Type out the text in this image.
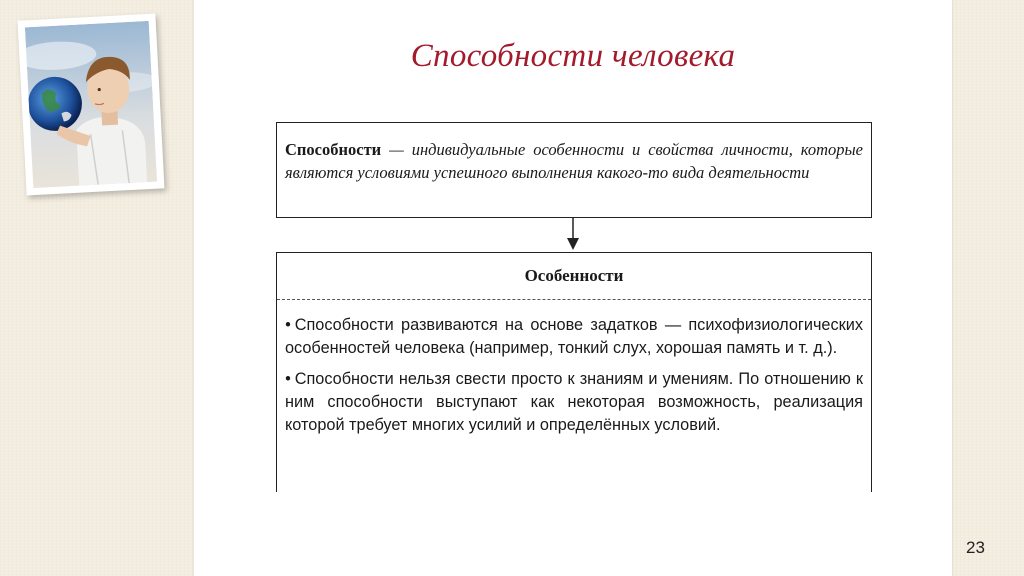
Способности человека
Способности — индивидуальные особенности и свойства личности, которые являются условиями успешного выполнения какого-то вида деятельности
Особенности
• Способности развиваются на основе задатков — психофизиологических особенностей человека (например, тонкий слух, хорошая память и т. д.).
• Способности нельзя свести просто к знаниям и умениям. По отношению к ним способности выступают как некоторая возможность, реализация которой требует многих усилий и определённых условий.
23
